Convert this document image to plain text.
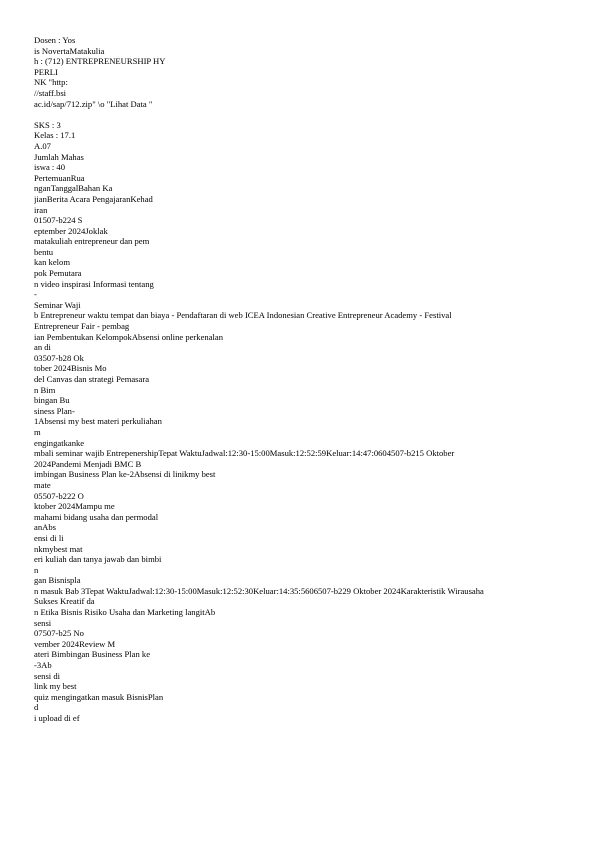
Dosen : Yos
is NovertaMatakulia
h : (712) ENTREPRENEURSHIP HY
PERLI
NK "http:
//staff.bsi
ac.id/sap/712.zip" \o "Lihat Data "
SKS : 3
Kelas : 17.1
A.07
Jumlah Mahas
iswa : 40
PertemuanRua
nganTanggalBahan Ka
jianBerita Acara PengajaranKehad
iran
01507-b224 S
eptember 2024Joklak
matakuliah entrepreneur dan pem
bentu
kan kelom
pok Pemutara
n video inspirasi Informasi tentang
-
Seminar Waji
b Entrepreneur waktu tempat dan biaya - Pendaftaran di web ICEA Indonesian Creative Entrepreneur Academy - Festival
Entrepreneur Fair - pembag
ian Pembentukan KelompokAbsensi online perkenalan
an di
03507-b28 Ok
tober 2024Bisnis Mo
del Canvas dan strategi Pemasara
n Bim
bingan Bu
siness Plan-
1Absensi my best materi perkuliahan
m
engingatkanke
mbali seminar wajib EntrepenershipTepat WaktuJadwal:12:30-15:00Masuk:12:52:59Keluar:14:47:0604507-b215 Oktober
2024Pandemi Menjadi BMC B
imbingan Business Plan ke-2Absensi di linikmy best
mate
05507-b222 O
ktober 2024Mampu me
mahami bidang usaha dan permodal
anAbs
ensi di li
nkmybest mat
eri kuliah dan tanya jawab dan bimbi
n
gan Bisnispla
n masuk Bab 3Tepat WaktuJadwal:12:30-15:00Masuk:12:52:30Keluar:14:35:5606507-b229 Oktober 2024Karakteristik Wirausaha
Sukses Kreatif da
n Etika Bisnis Risiko Usaha dan Marketing langitAb
sensi
07507-b25 No
vember 2024Review M
ateri Bimbingan Business Plan ke
-3Ab
sensi di
link my best
quiz mengingatkan masuk BisnisPlan
d
i upload di ef
